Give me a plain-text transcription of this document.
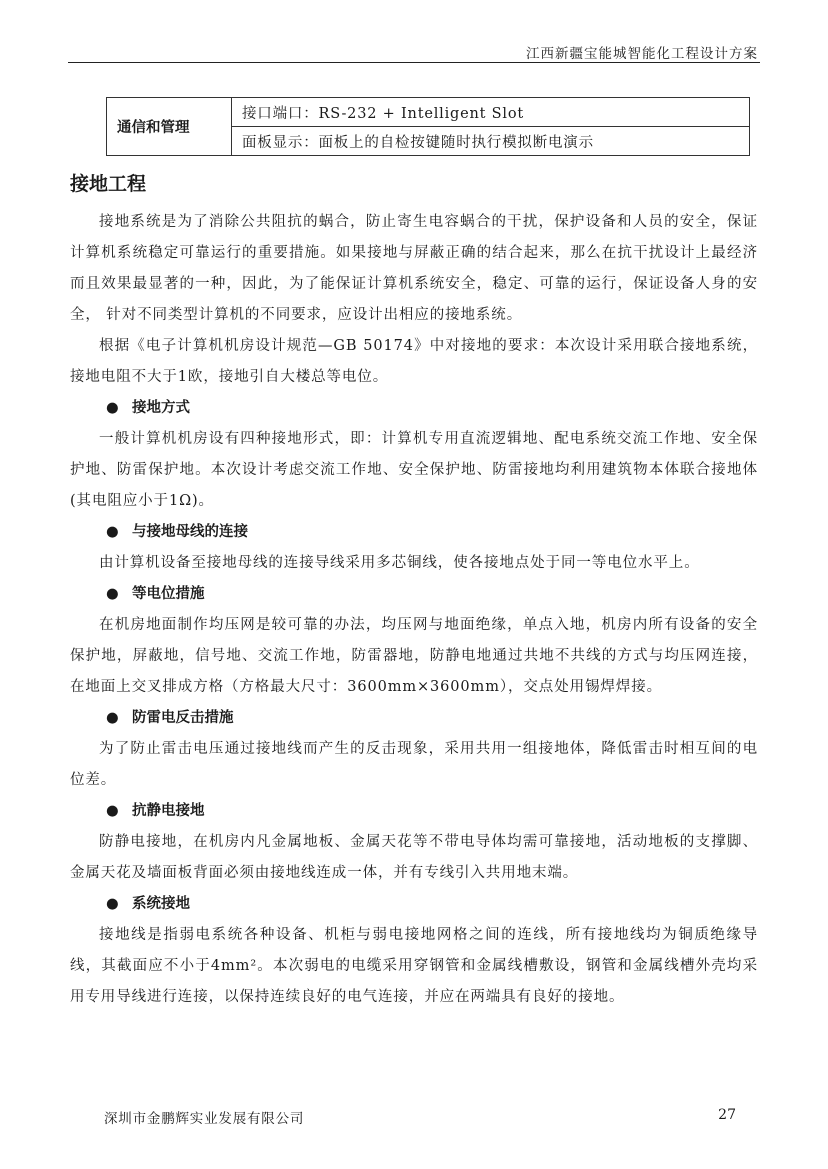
江西新疆宝能城智能化工程设计方案
通信和管理	接口端口：RS-232 + Intelligent Slot
面板显示：面板上的自检按键随时执行模拟断电演示
接地工程

接地系统是为了消除公共阻抗的蜗合，防止寄生电容蜗合的干扰，保护设备和人员的安全，保证计算机系统稳定可靠运行的重要措施。如果接地与屏蔽正确的结合起来，那么在抗干扰设计上最经济而且效果最显著的一种，因此，为了能保证计算机系统安全，稳定、可靠的运行，保证设备人身的安全， 针对不同类型计算机的不同要求，应设计出相应的接地系统。

根据《电子计算机机房设计规范—GB 50174》中对接地的要求：本次设计采用联合接地系统，接地电阻不大于1欧，接地引自大楼总等电位。

● 接地方式

一般计算机机房设有四种接地形式，即：计算机专用直流逻辑地、配电系统交流工作地、安全保护地、防雷保护地。本次设计考虑交流工作地、安全保护地、防雷接地均利用建筑物本体联合接地体(其电阻应小于1Ω)。

● 与接地母线的连接

由计算机设备至接地母线的连接导线采用多芯铜线，使各接地点处于同一等电位水平上。

● 等电位措施

在机房地面制作均压网是较可靠的办法，均压网与地面绝缘，单点入地，机房内所有设备的安全保护地，屏蔽地，信号地、交流工作地，防雷器地，防静电地通过共地不共线的方式与均压网连接，在地面上交叉排成方格（方格最大尺寸：3600mm×3600mm），交点处用锡焊焊接。

● 防雷电反击措施

为了防止雷击电压通过接地线而产生的反击现象，采用共用一组接地体，降低雷击时相互间的电位差。

● 抗静电接地

防静电接地，在机房内凡金属地板、金属天花等不带电导体均需可靠接地，活动地板的支撑脚、金属天花及墙面板背面必须由接地线连成一体，并有专线引入共用地末端。

● 系统接地

接地线是指弱电系统各种设备、机柜与弱电接地网格之间的连线，所有接地线均为铜质绝缘导线，其截面应不小于4mm²。本次弱电的电缆采用穿钢管和金属线槽敷设，钢管和金属线槽外壳均采用专用导线进行连接，以保持连续良好的电气连接，并应在两端具有良好的接地。

深圳市金鹏辉实业发展有限公司	27
